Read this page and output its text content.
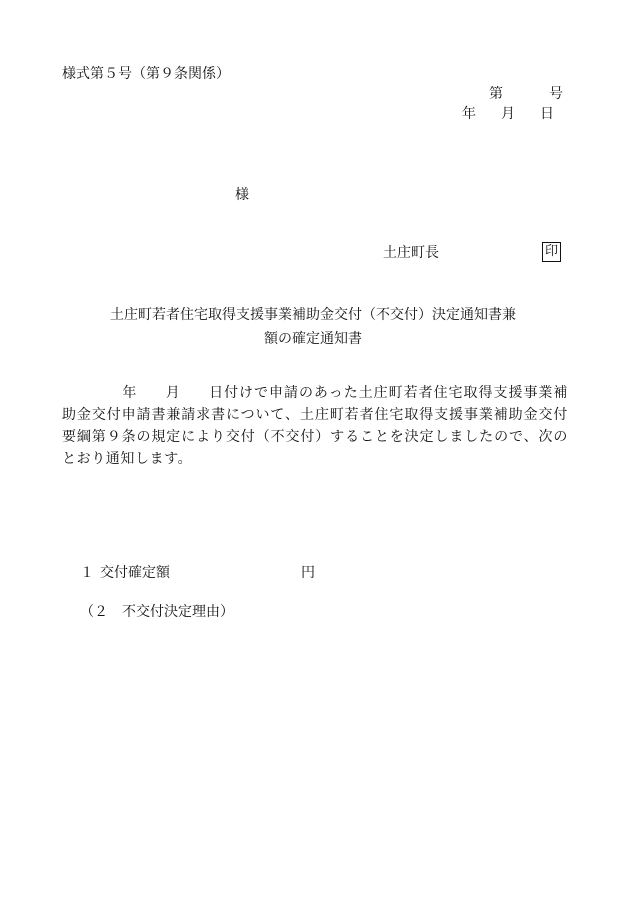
様式第５号（第９条関係）
第	号
年 月 日
様
土庄町長	印
土庄町若者住宅取得支援事業補助金交付（不交付）決定通知書兼
額の確定通知書
年 月 日付けで申請のあった土庄町若者住宅取得支援事業補助金交付申請書兼請求書について、土庄町若者住宅取得支援事業補助金交付要綱第９条の規定により交付（不交付）することを決定しましたので、次のとおり通知します。
１ 交付確定額	円
（２　不交付決定理由）
